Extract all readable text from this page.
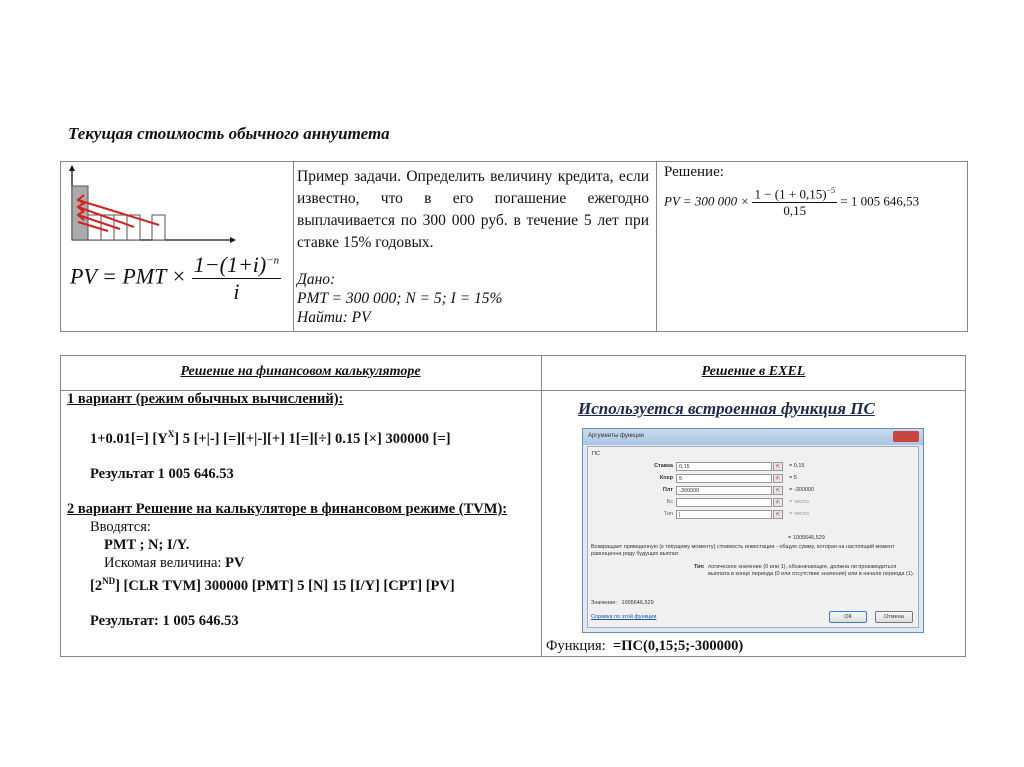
Текущая стоимость обычного аннуитета
PV = PMT × $\frac{1-(1+i)^{-n}}{i}$
Пример задачи. Определить величину кредита, если известно, что в его погашение ежегодно выплачивается по 300 000 руб. в течение 5 лет при ставке 15% годовых.
Дано:
PMT = 300 000; N = 5; I = 15%
Найти: PV
Решение:
PV = 300 $000 \times \frac{1 - (1 + 0,15)^{-5}}{0,15} = 1$ 005 646,53
Решение на финансовом калькуляторе	Решение в EXEL
1 вариант (режим обычных вычислений):
1+0.01[=] $[Y^X]$ 5 [+|-] [=][+|-][+] 1[=][÷] 0.15 [×] 300000 [=]
Результат 1 005 646.53
2 вариант Решение на калькуляторе в финансовом режиме (TVM):
Вводятся:
PMT ; N; I/Y.
Искомая величина: PV
[2ND] [CLR TVM] 300000 [PMT] 5 [N] 15 [I/Y] [CPT] [PV]
Результат: 1 005 646.53
Используется встроенная функция ПС
Аргументы функции
ПС
Ставка	0,15	⇱	= 0,15
Кпер	5	⇱	= 5
Плт	-300000	⇱	= -300000
Бс	⇱	= число
Тип	|	⇱	= число
= 1005646,529
Возвращает приведенную (к текущему моменту) стоимость инвестиции - общую сумму, которая на настоящий момент равноценна ряду будущих выплат.
Тип логическое значение (0 или 1), обозначающее, должна ли производиться выплата в конце периода (0 или отсутствие значения) или в начале периода (1).
Значение: 1005646,529
Справка по этой функции	ОК	Отмена
Функция: =ПС(0,15;5;-300000)
